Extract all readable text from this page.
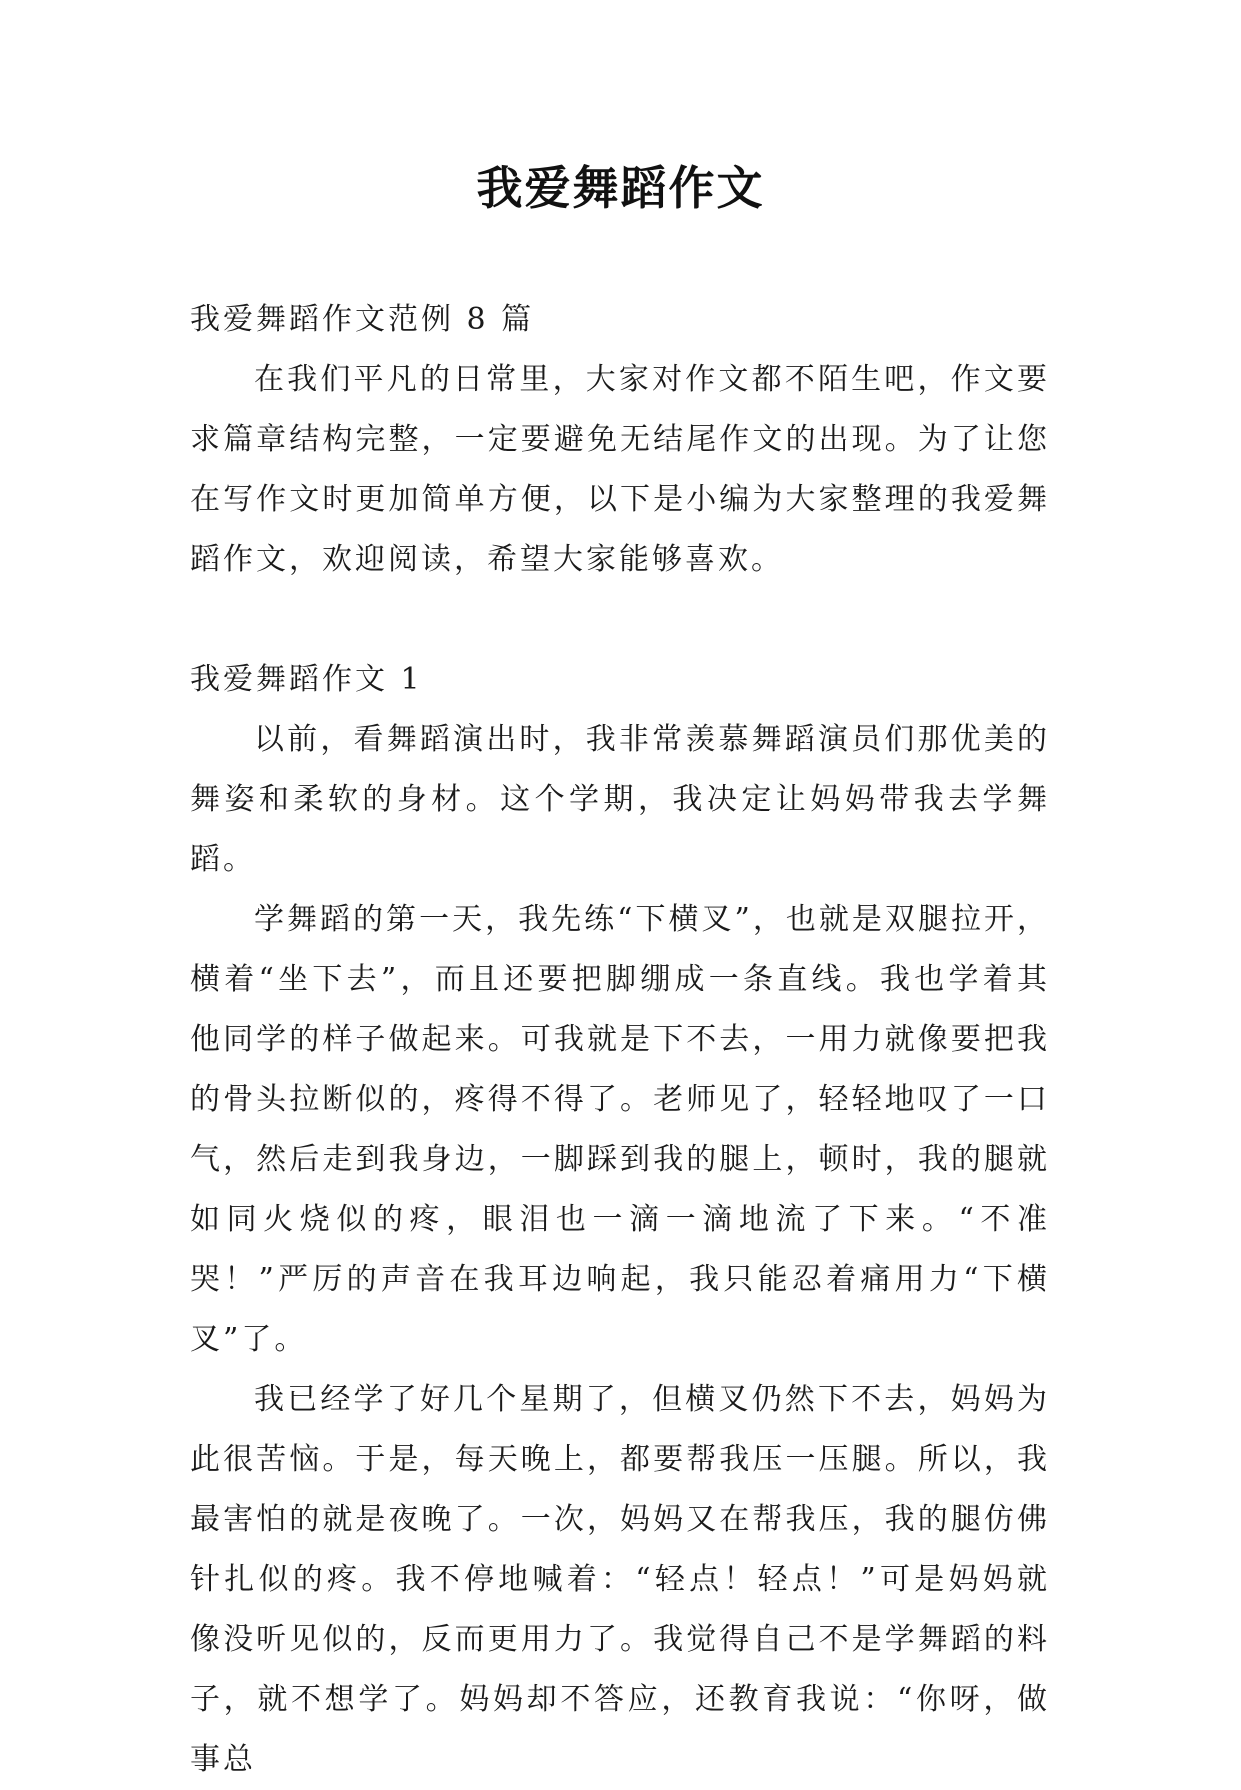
我爱舞蹈作文

我爱舞蹈作文范例 8 篇

在我们平凡的日常里，大家对作文都不陌生吧，作文要求篇章结构完整，一定要避免无结尾作文的出现。为了让您在写作文时更加简单方便，以下是小编为大家整理的我爱舞蹈作文，欢迎阅读，希望大家能够喜欢。

我爱舞蹈作文 1

以前，看舞蹈演出时，我非常羡慕舞蹈演员们那优美的舞姿和柔软的身材。这个学期，我决定让妈妈带我去学舞蹈。

学舞蹈的第一天，我先练“下横叉”，也就是双腿拉开，横着“坐下去”，而且还要把脚绷成一条直线。我也学着其他同学的样子做起来。可我就是下不去，一用力就像要把我的骨头拉断似的，疼得不得了。老师见了，轻轻地叹了一口气，然后走到我身边，一脚踩到我的腿上，顿时，我的腿就如同火烧似的疼，眼泪也一滴一滴地流了下来。“不准哭！”严厉的声音在我耳边响起，我只能忍着痛用力“下横叉”了。

我已经学了好几个星期了，但横叉仍然下不去，妈妈为此很苦恼。于是，每天晚上，都要帮我压一压腿。所以，我最害怕的就是夜晚了。一次，妈妈又在帮我压，我的腿仿佛针扎似的疼。我不停地喊着：“轻点！轻点！”可是妈妈就像没听见似的，反而更用力了。我觉得自己不是学舞蹈的料子，就不想学了。妈妈却不答应，还教育我说：“你呀，做事总
